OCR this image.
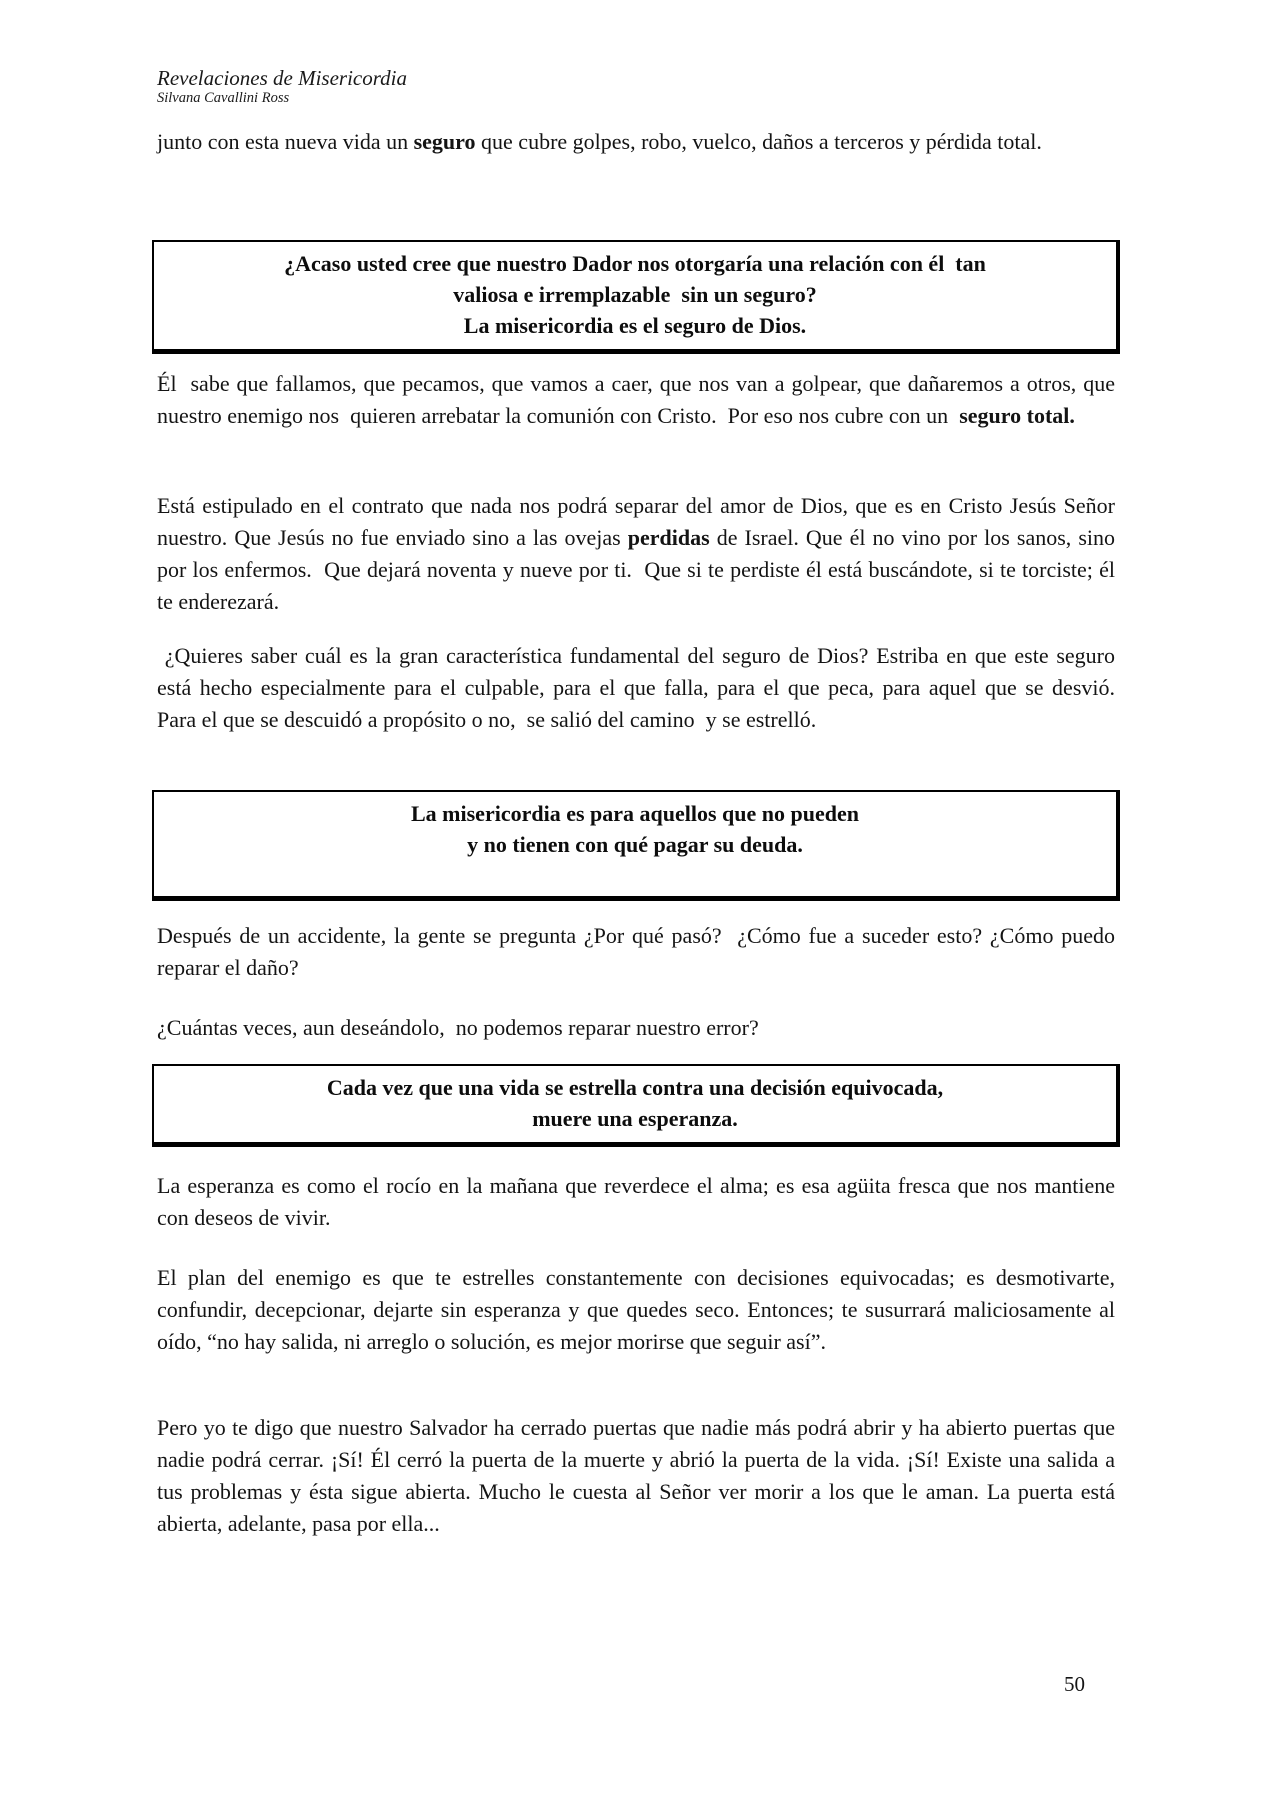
Revelaciones de Misericordia
Silvana Cavallini Ross

junto con esta nueva vida un seguro que cubre golpes, robo, vuelco, daños a terceros y pérdida total.

¿Acaso usted cree que nuestro Dador nos otorgaría una relación con él  tan
valiosa e irremplazable  sin un seguro?
La misericordia es el seguro de Dios.

Él  sabe que fallamos, que pecamos, que vamos a caer, que nos van a golpear, que dañaremos a otros, que nuestro enemigo nos  quieren arrebatar la comunión con Cristo.  Por eso nos cubre con un  seguro total.

Está estipulado en el contrato que nada nos podrá separar del amor de Dios, que es en Cristo Jesús Señor nuestro. Que Jesús no fue enviado sino a las ovejas perdidas de Israel. Que él no vino por los sanos, sino por los enfermos.  Que dejará noventa y nueve por ti.  Que si te perdiste él está buscándote, si te torciste; él te enderezará.

¿Quieres saber cuál es la gran característica fundamental del seguro de Dios? Estriba en que este seguro está hecho especialmente para el culpable, para el que falla, para el que peca, para aquel que se desvió.   Para el que se descuidó a propósito o no,  se salió del camino  y se estrelló.

La misericordia es para aquellos que no pueden
y no tienen con qué pagar su deuda.

Después de un accidente, la gente se pregunta ¿Por qué pasó?  ¿Cómo fue a suceder esto? ¿Cómo puedo reparar el daño?

¿Cuántas veces, aun deseándolo,  no podemos reparar nuestro error?

Cada vez que una vida se estrella contra una decisión equivocada,
muere una esperanza.

La esperanza es como el rocío en la mañana que reverdece el alma; es esa agüita fresca que nos mantiene con deseos de vivir.

El plan del enemigo es que te estrelles constantemente con decisiones equivocadas; es desmotivarte, confundir, decepcionar, dejarte sin esperanza y que quedes seco. Entonces; te susurrará maliciosamente al oído, “no hay salida, ni arreglo o solución, es mejor morirse que seguir así”.

Pero yo te digo que nuestro Salvador ha cerrado puertas que nadie más podrá abrir y ha abierto puertas que nadie podrá cerrar. ¡Sí! Él cerró la puerta de la muerte y abrió la puerta de la vida. ¡Sí! Existe una salida a tus problemas y ésta sigue abierta. Mucho le cuesta al Señor ver morir a los que le aman. La puerta está abierta, adelante, pasa por ella...

50
